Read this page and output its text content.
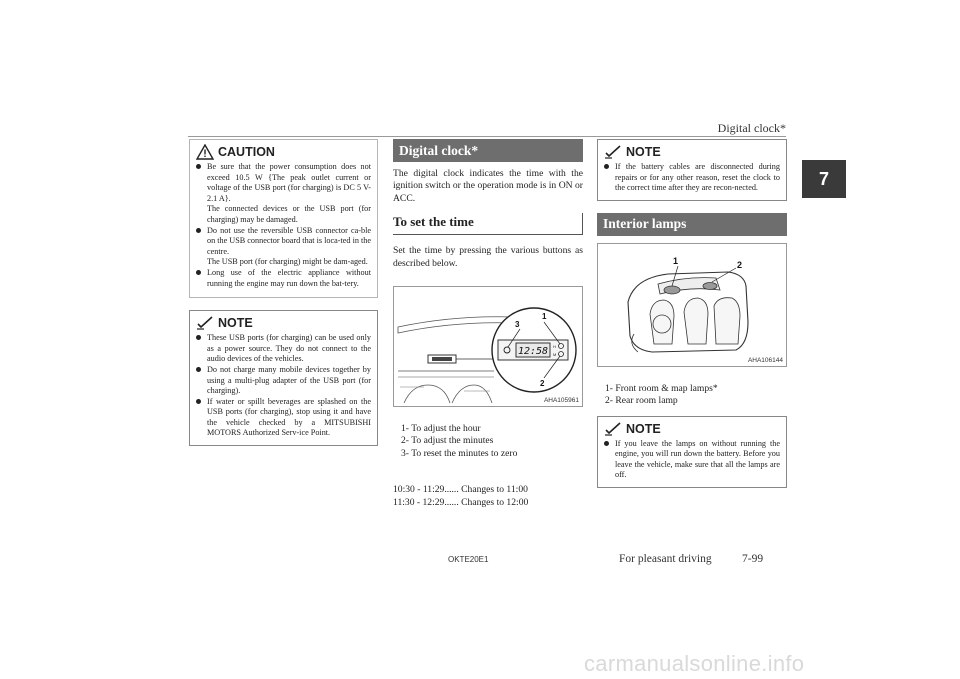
Digital clock*
7
CAUTION

Be sure that the power consumption does not exceed 10.5 W {The peak outlet current or voltage of the USB port (for charging) is DC 5 V-2.1 A}.

The connected devices or the USB port (for charging) may be damaged.

Do not use the reversible USB connector ca-ble on the USB connector board that is loca-ted in the centre.

The USB port (for charging) might be dam-aged.

Long use of the electric appliance without running the engine may run down the bat-tery.

NOTE
These USB ports (for charging) can be used only as a power source. They do not connect to the audio devices of the vehicles.
Do not charge many mobile devices together by using a multi-plug adapter of the USB port (for charging).
If water or spillt beverages are splashed on the USB ports (for charging), stop using it and have the vehicle checked by a MITSUBISHI MOTORS Authorized Serv-ice Point.
Digital clock*

The digital clock indicates the time with the ignition switch or the operation mode is in ON or ACC.

To set the time

Set the time by pressing the various buttons as described below.

12:58 H
M
1
2
3
AHA105961
1- To adjust the hour
2- To adjust the minutes
3- To reset the minutes to zero
10:30 - 11:29...... Changes to 11:00
11:30 - 12:29...... Changes to 12:00
NOTE
If the battery cables are disconnected during repairs or for any other reason, reset the clock to the correct time after they are recon-nected.
Interior lamps
1	2
AHA106144
1- Front room & map lamps*
2- Rear room lamp
NOTE
If you leave the lamps on without running the engine, you will run down the battery. Before you leave the vehicle, make sure that all the lamps are off.
OKTE20E1	For pleasant driving	7-99
carmanualsonline.info
